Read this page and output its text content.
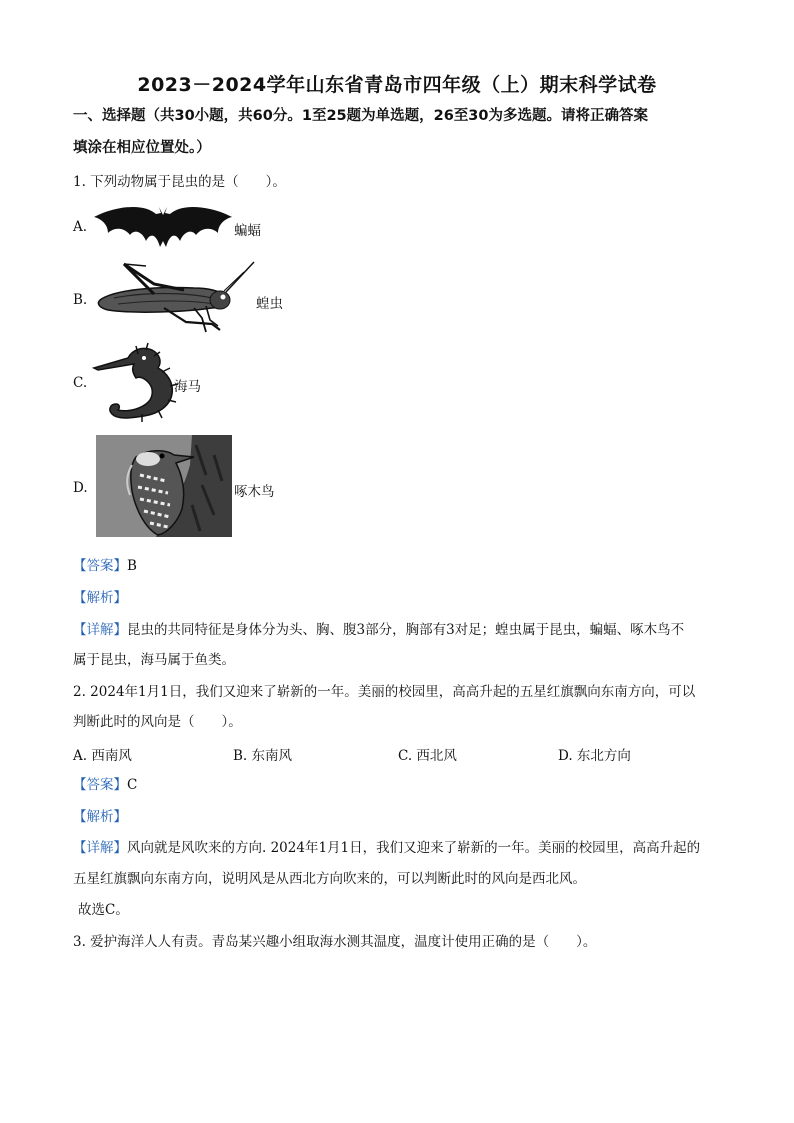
2023－2024学年山东省青岛市四年级（上）期末科学试卷
一、选择题（共30小题，共60分。1至25题为单选题，26至30为多选题。请将正确答案
填涂在相应位置处。）
1. 下列动物属于昆虫的是（　　）。
A.	蝙蝠
B.	蝗虫
C.	海马
D.	啄木鸟
【答案】B
【解析】
【详解】昆虫的共同特征是身体分为头、胸、腹3部分，胸部有3对足；蝗虫属于昆虫，蝙蝠、啄木鸟不
属于昆虫，海马属于鱼类。
2. 2024年1月1日，我们又迎来了崭新的一年。美丽的校园里，高高升起的五星红旗飘向东南方向，可以
判断此时的风向是（　　）。
A. 西南风	B. 东南风	C. 西北风	D. 东北方向
【答案】C
【解析】
【详解】风向就是风吹来的方向. 2024年1月1日，我们又迎来了崭新的一年。美丽的校园里，高高升起的
五星红旗飘向东南方向，说明风是从西北方向吹来的，可以判断此时的风向是西北风。
故选C。
3. 爱护海洋人人有责。青岛某兴趣小组取海水测其温度，温度计使用正确的是（　　）。
